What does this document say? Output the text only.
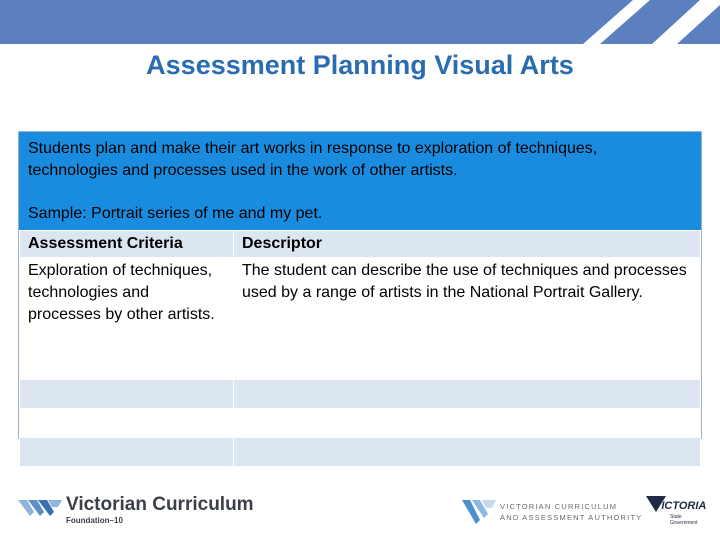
Assessment Planning Visual Arts
Students plan and make their art works in response to exploration of techniques, technologies and processes used in the work of other artists.
Sample: Portrait series of me and my pet.
Assessment Criteria	Descriptor
Exploration of techniques, technologies and processes by other artists.	The student can describe the use of techniques and processes used by a range of artists in the National Portrait Gallery.

Victorian Curriculum
Foundation–10
VICTORIAN CURRICULUM
AND ASSESSMENT AUTHORITY
VICTORIA
State
Government
